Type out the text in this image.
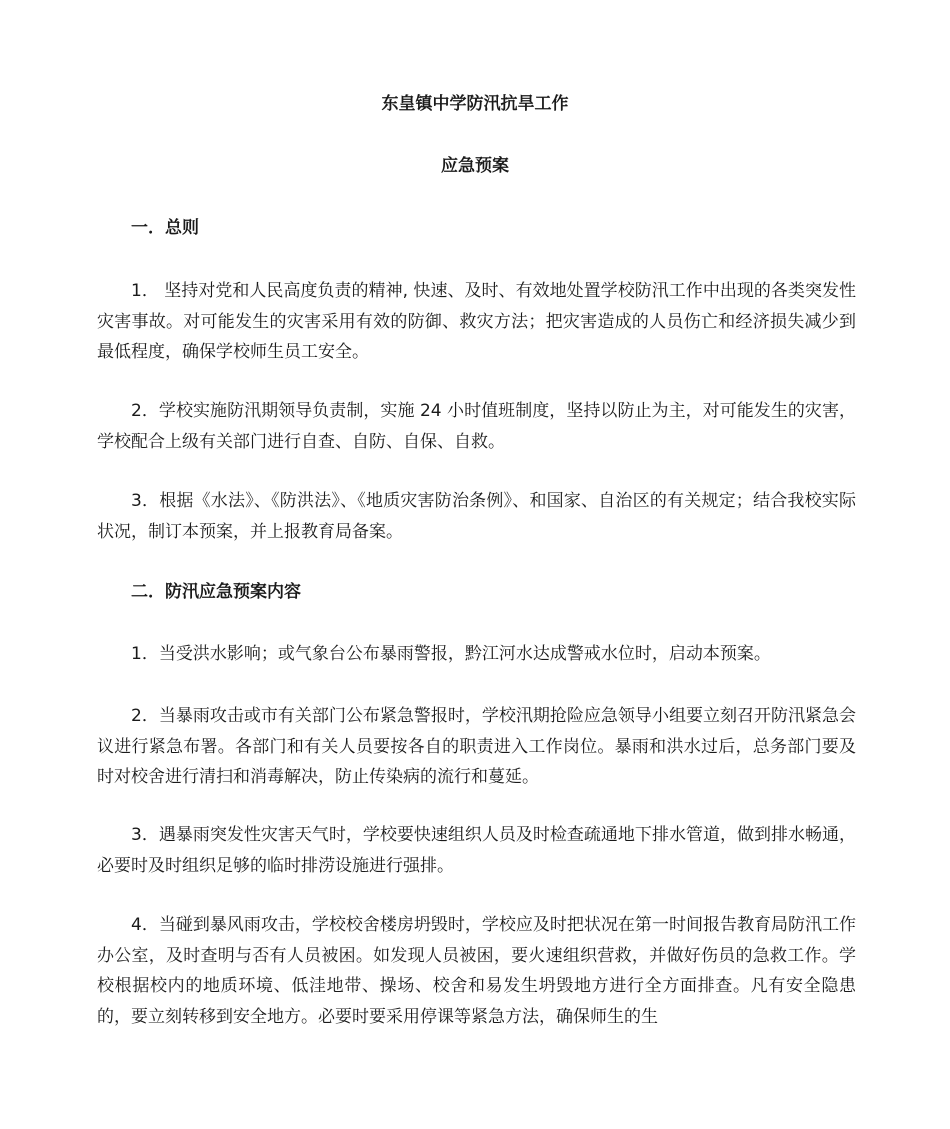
东皇镇中学防汛抗旱工作
应急预案
一．总则

1． 坚持对党和人民高度负责的精神, 快速、及时、有效地处置学校防汛工作中出现的各类突发性灾害事故。对可能发生的灾害采用有效的防御、救灾方法；把灾害造成的人员伤亡和经济损失减少到最低程度，确保学校师生员工安全。

2．学校实施防汛期领导负责制，实施 24 小时值班制度，坚持以防止为主，对可能发生的灾害，学校配合上级有关部门进行自查、自防、自保、自救。

3．根据《水法》、《防洪法》、《地质灾害防治条例》、和国家、自治区的有关规定；结合我校实际状况，制订本预案，并上报教育局备案。

二．防汛应急预案内容

1．当受洪水影响；或气象台公布暴雨警报，黔江河水达成警戒水位时，启动本预案。

2．当暴雨攻击或市有关部门公布紧急警报时，学校汛期抢险应急领导小组要立刻召开防汛紧急会议进行紧急布署。各部门和有关人员要按各自的职责进入工作岗位。暴雨和洪水过后，总务部门要及时对校舍进行清扫和消毒解决，防止传染病的流行和蔓延。

3．遇暴雨突发性灾害天气时，学校要快速组织人员及时检查疏通地下排水管道，做到排水畅通，必要时及时组织足够的临时排涝设施进行强排。

4．当碰到暴风雨攻击，学校校舍楼房坍毁时，学校应及时把状况在第一时间报告教育局防汛工作办公室，及时查明与否有人员被困。如发现人员被困，要火速组织营救，并做好伤员的急救工作。学校根据校内的地质环境、低洼地带、操场、校舍和易发生坍毁地方进行全方面排查。凡有安全隐患的，要立刻转移到安全地方。必要时要采用停课等紧急方法，确保师生的生
